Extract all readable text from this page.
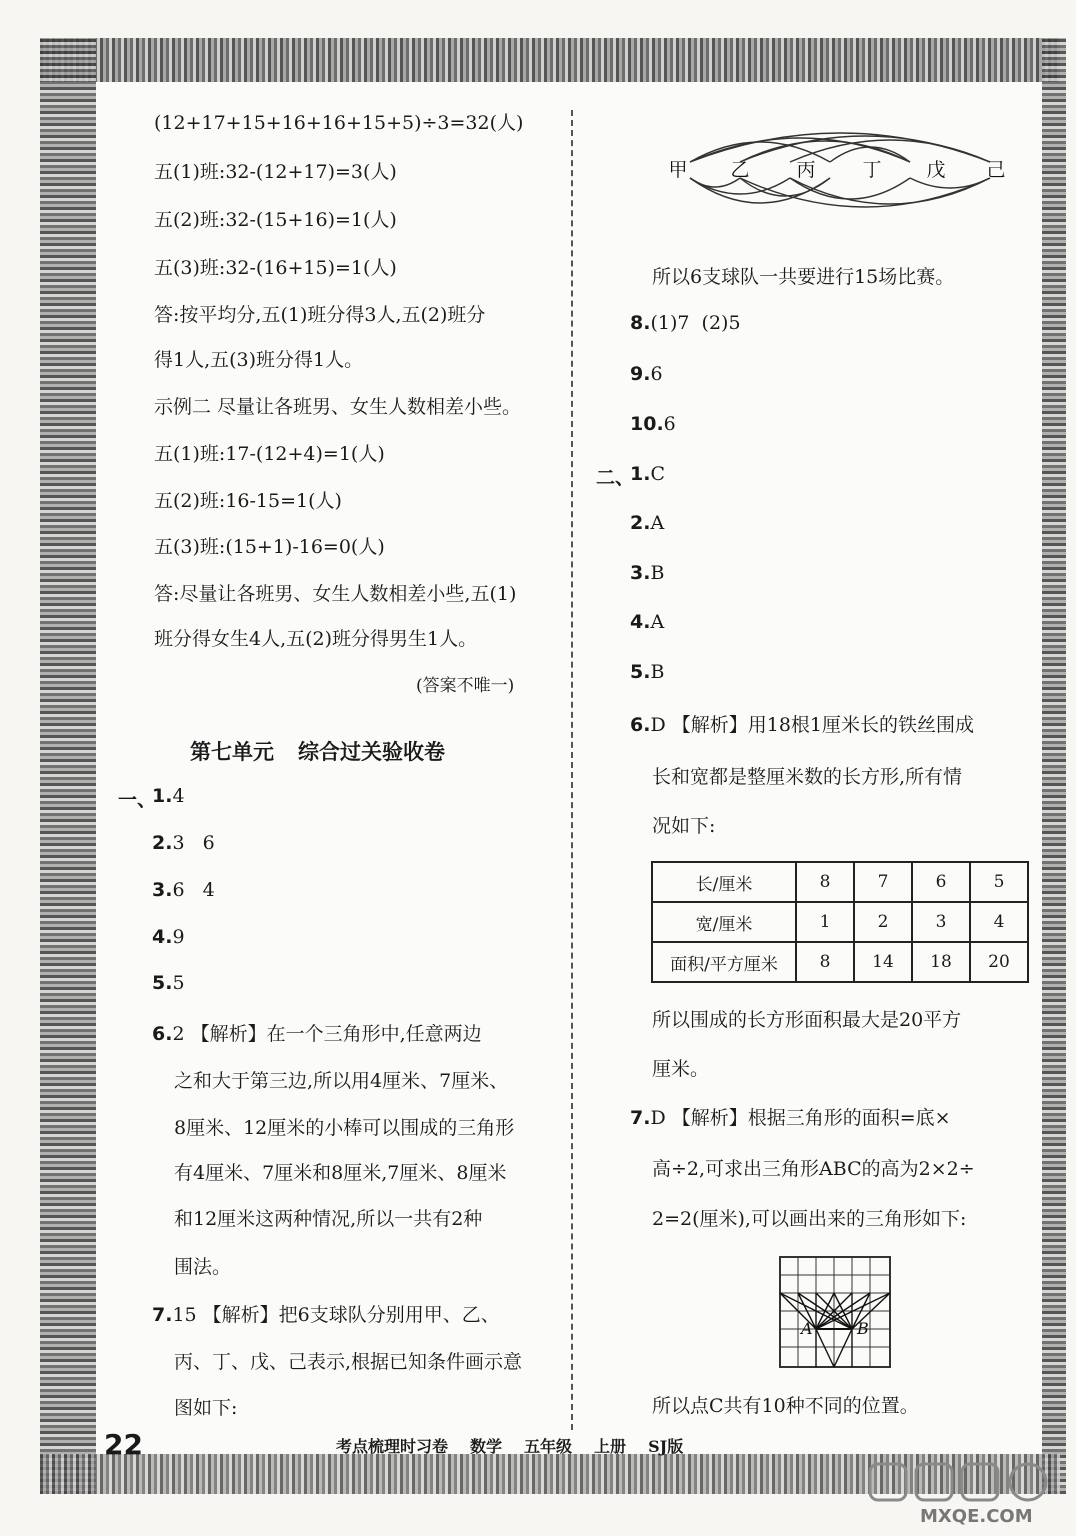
(12+17+15+16+16+15+5)÷3=32(人)
五(1)班:32-(12+17)=3(人)
五(2)班:32-(15+16)=1(人)
五(3)班:32-(16+15)=1(人)
答:按平均分,五(1)班分得3人,五(2)班分
得1人,五(3)班分得1人。
示例二 尽量让各班男、女生人数相差小些。
五(1)班:17-(12+4)=1(人)
五(2)班:16-15=1(人)
五(3)班:(15+1)-16=0(人)
答:尽量让各班男、女生人数相差小些,五(1)
班分得女生4人,五(2)班分得男生1人。
(答案不唯一)
第七单元 综合过关验收卷
一、
1.4
2.3   6
3.6   4
4.9
5.5
6.2 【解析】在一个三角形中,任意两边
之和大于第三边,所以用4厘米、7厘米、
8厘米、12厘米的小棒可以围成的三角形
有4厘米、7厘米和8厘米,7厘米、8厘米
和12厘米这两种情况,所以一共有2种
围法。
7.15 【解析】把6支球队分别用甲、乙、
丙、丁、戊、己表示,根据已知条件画示意
图如下:
甲 乙 丙 丁 戊 己
所以6支球队一共要进行15场比赛。
8.(1)7  (2)5
9.6
10.6
二、
1.C
2.A
3.B
4.A
5.B
6.D 【解析】用18根1厘米长的铁丝围成
长和宽都是整厘米数的长方形,所有情
况如下:
长/厘米	8	7	6	5
宽/厘米	1	2	3	4
面积/平方厘米	8	14	18	20
所以围成的长方形面积最大是20平方
厘米。
7.D 【解析】根据三角形的面积=底×
高÷2,可求出三角形ABC的高为2×2÷
2=2(厘米),可以画出来的三角形如下:
A	B
所以点C共有10种不同的位置。
22	考点梳理时习卷 数学 五年级 上册 SJ版
MXQE.COM
